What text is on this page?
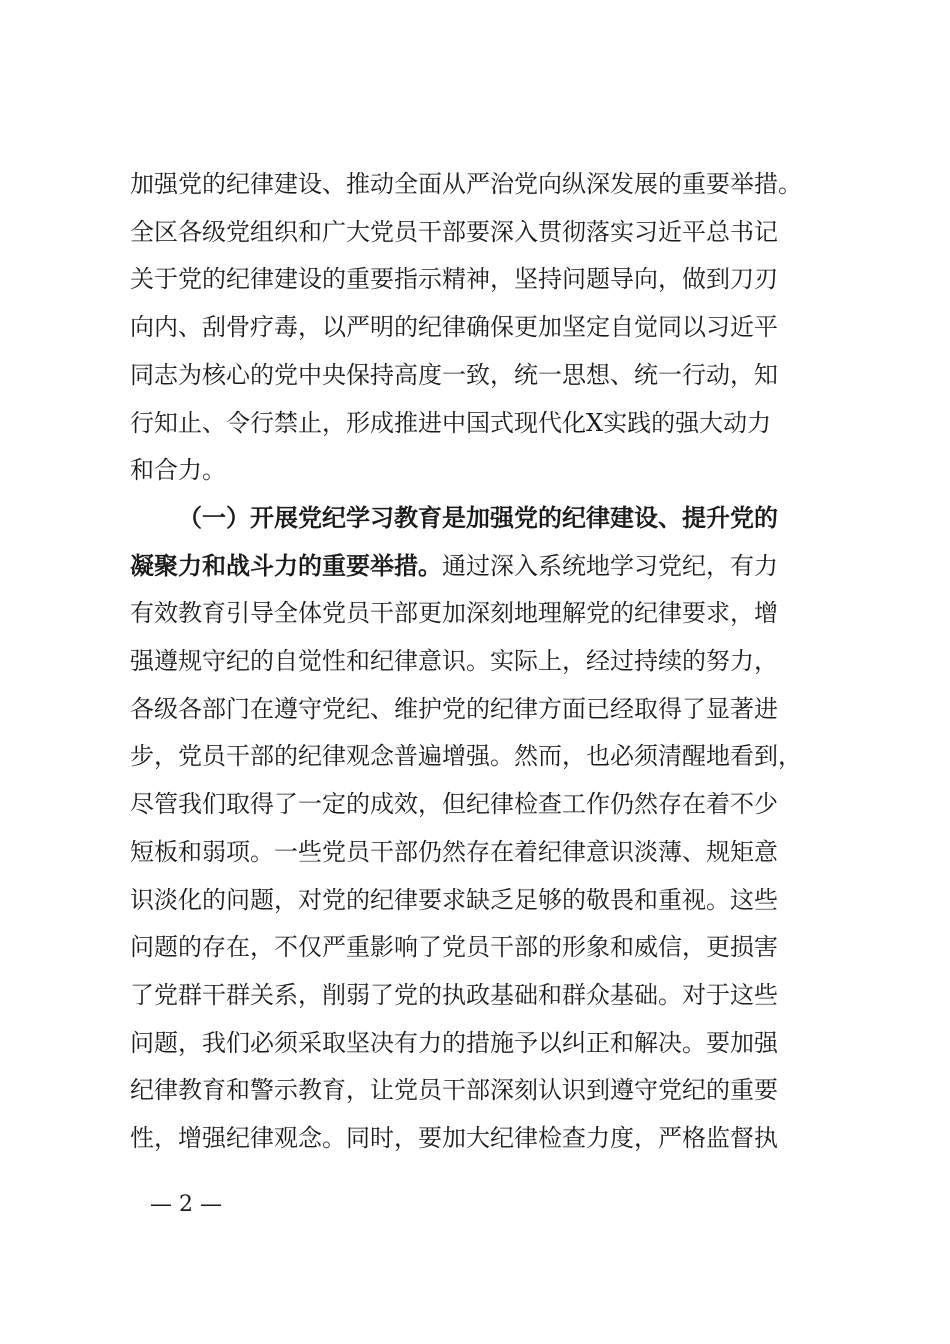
加强党的纪律建设、推动全面从严治党向纵深发展的重要举措。
全区各级党组织和广大党员干部要深入贯彻落实习近平总书记
关于党的纪律建设的重要指示精神，坚持问题导向，做到刀刃
向内、刮骨疗毒，以严明的纪律确保更加坚定自觉同以习近平
同志为核心的党中央保持高度一致，统一思想、统一行动，知
行知止、令行禁止，形成推进中国式现代化X实践的强大动力
和合力。
（一）开展党纪学习教育是加强党的纪律建设、提升党的
凝聚力和战斗力的重要举措。通过深入系统地学习党纪，有力
有效教育引导全体党员干部更加深刻地理解党的纪律要求，增
强遵规守纪的自觉性和纪律意识。实际上，经过持续的努力，
各级各部门在遵守党纪、维护党的纪律方面已经取得了显著进
步，党员干部的纪律观念普遍增强。然而，也必须清醒地看到，
尽管我们取得了一定的成效，但纪律检查工作仍然存在着不少
短板和弱项。一些党员干部仍然存在着纪律意识淡薄、规矩意
识淡化的问题，对党的纪律要求缺乏足够的敬畏和重视。这些
问题的存在，不仅严重影响了党员干部的形象和威信，更损害
了党群干群关系，削弱了党的执政基础和群众基础。对于这些
问题，我们必须采取坚决有力的措施予以纠正和解决。要加强
纪律教育和警示教育，让党员干部深刻认识到遵守党纪的重要
性，增强纪律观念。同时，要加大纪律检查力度，严格监督执
— 2 —
